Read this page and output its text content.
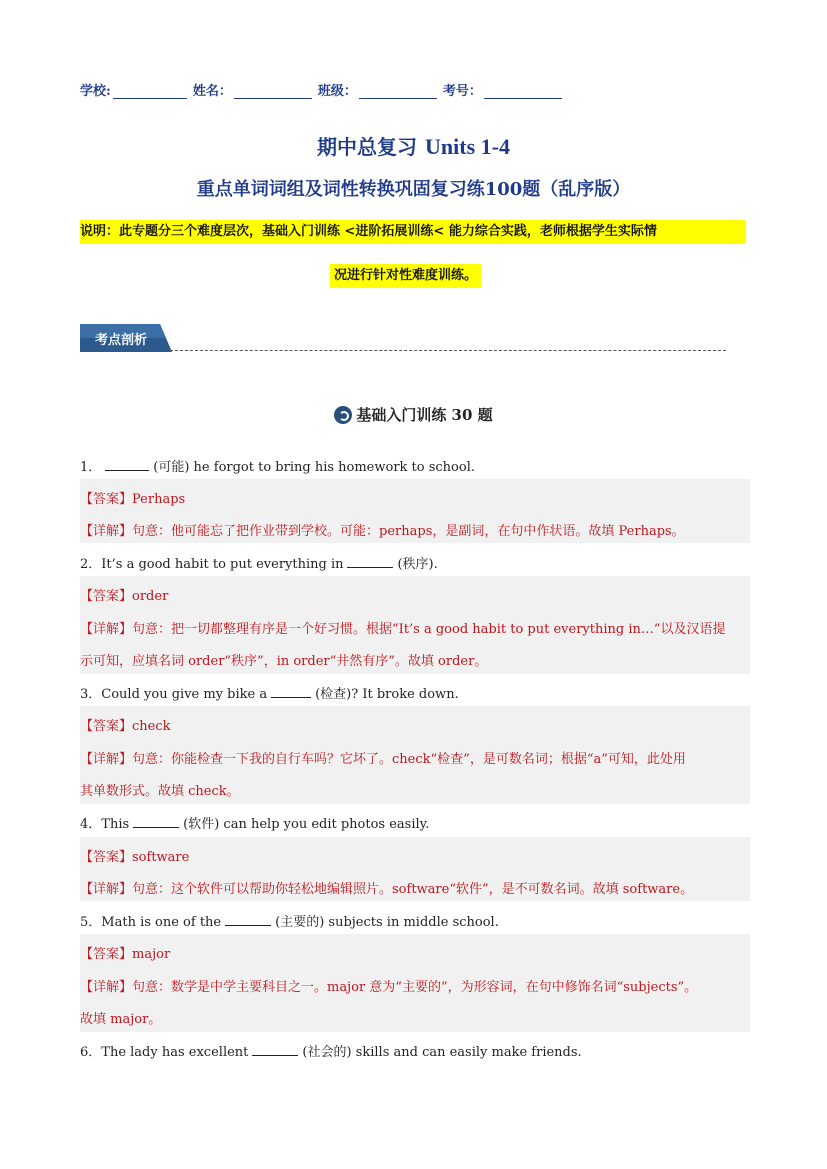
学校:	姓名：	班级：	考号：
期中总复习 Units 1-4
重点单词词组及词性转换巩固复习练100题（乱序版）
说明：此专题分三个难度层次，基础入门训练 <进阶拓展训练< 能力综合实践，老师根据学生实际情
况进行针对性难度训练。
考点剖析
基础入门训练 30 题
1．	(可能) he forgot to bring his homework to school.
【答案】Perhaps
【详解】句意：他可能忘了把作业带到学校。可能：perhaps，是副词，在句中作状语。故填 Perhaps。
2．It’s a good habit to put everything in	(秩序).
【答案】order
【详解】句意：把一切都整理有序是一个好习惯。根据“It’s a good habit to put everything in…”以及汉语提
示可知，应填名词 order“秩序”，in order“井然有序”。故填 order。
3．Could you give my bike a	(检查)? It broke down.
【答案】check
【详解】句意：你能检查一下我的自行车吗？它坏了。check“检查”，是可数名词；根据“a”可知，此处用
其单数形式。故填 check。
4．This	(软件) can help you edit photos easily.
【答案】software
【详解】句意：这个软件可以帮助你轻松地编辑照片。software“软件”，是不可数名词。故填 software。
5．Math is one of the	(主要的) subjects in middle school.
【答案】major
【详解】句意：数学是中学主要科目之一。major 意为“主要的”，为形容词，在句中修饰名词“subjects”。
故填 major。
6．The lady has excellent	(社会的) skills and can easily make friends.
